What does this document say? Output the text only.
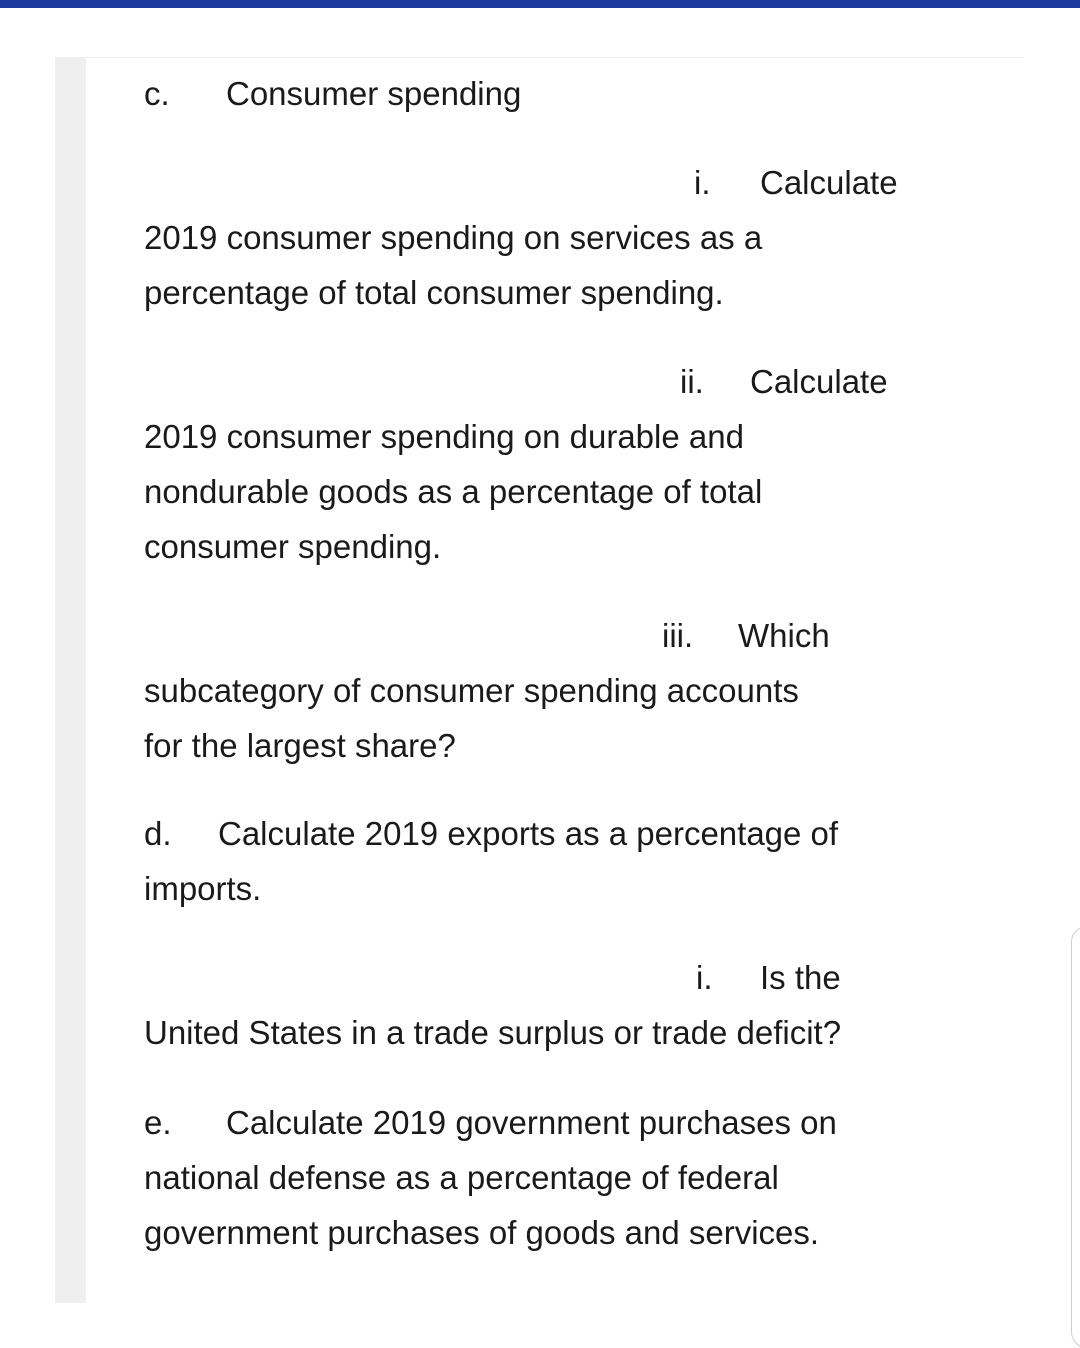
c. Consumer spending
i. Calculate
2019 consumer spending on services as a
percentage of total consumer spending.
ii. Calculate
2019 consumer spending on durable and
nondurable goods as a percentage of total
consumer spending.
iii. Which
subcategory of consumer spending accounts
for the largest share?
d. Calculate 2019 exports as a percentage of
imports.
i. Is the
United States in a trade surplus or trade deficit?
e. Calculate 2019 government purchases on
national defense as a percentage of federal
government purchases of goods and services.
